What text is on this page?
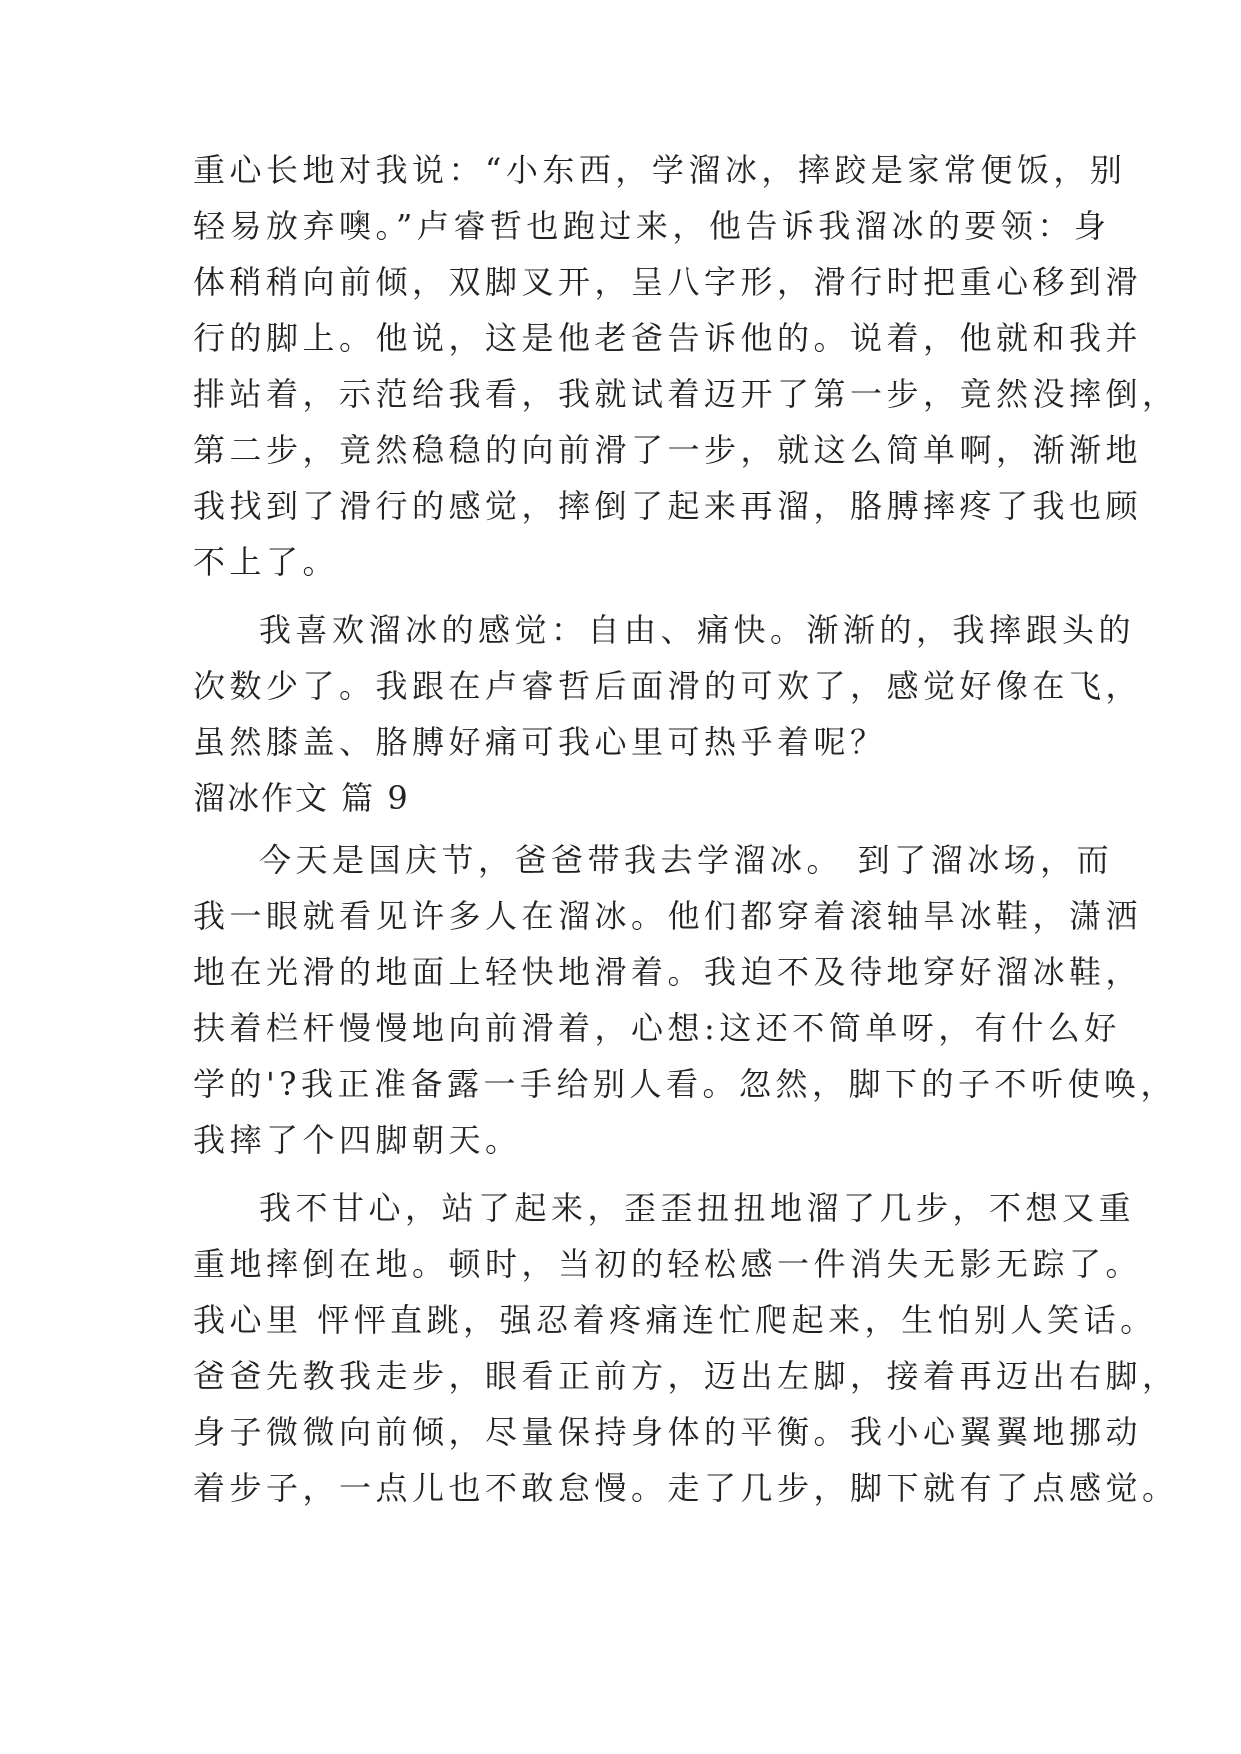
重心长地对我说：“小东西，学溜冰，摔跤是家常便饭，别
轻易放弃噢。”卢睿哲也跑过来，他告诉我溜冰的要领：身
体稍稍向前倾，双脚叉开，呈八字形，滑行时把重心移到滑
行的脚上。他说，这是他老爸告诉他的。说着，他就和我并
排站着，示范给我看，我就试着迈开了第一步，竟然没摔倒，
第二步，竟然稳稳的向前滑了一步，就这么简单啊，渐渐地
我找到了滑行的感觉，摔倒了起来再溜，胳膊摔疼了我也顾
不上了。
我喜欢溜冰的感觉：自由、痛快。渐渐的，我摔跟头的
次数少了。我跟在卢睿哲后面滑的可欢了，感觉好像在飞，
虽然膝盖、胳膊好痛可我心里可热乎着呢？
溜冰作文 篇 9
今天是国庆节，爸爸带我去学溜冰。 到了溜冰场，而
我一眼就看见许多人在溜冰。他们都穿着滚轴旱冰鞋，潇洒
地在光滑的地面上轻快地滑着。我迫不及待地穿好溜冰鞋，
扶着栏杆慢慢地向前滑着，心想:这还不简单呀，有什么好
学的'?我正准备露一手给别人看。忽然，脚下的子不听使唤，
我摔了个四脚朝天。
我不甘心，站了起来，歪歪扭扭地溜了几步，不想又重
重地摔倒在地。顿时，当初的轻松感一件消失无影无踪了。
我心里 怦怦直跳，强忍着疼痛连忙爬起来，生怕别人笑话。
爸爸先教我走步，眼看正前方，迈出左脚，接着再迈出右脚，
身子微微向前倾，尽量保持身体的平衡。我小心翼翼地挪动
着步子，一点儿也不敢怠慢。走了几步，脚下就有了点感觉。
